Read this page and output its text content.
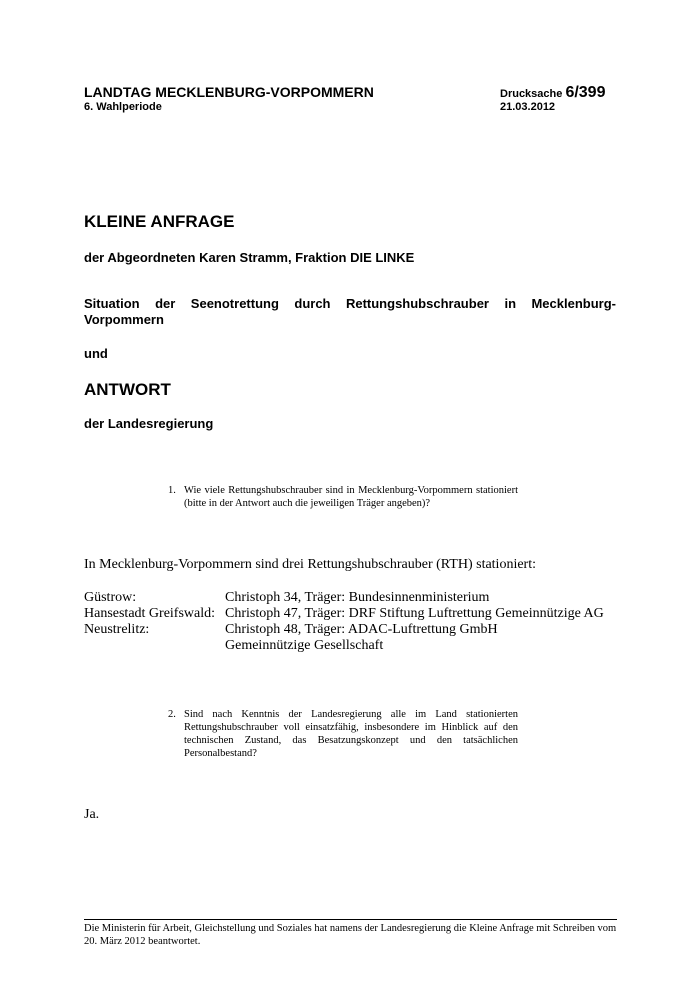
LANDTAG MECKLENBURG-VORPOMMERN
6. Wahlperiode
Drucksache 6/399
21.03.2012
KLEINE ANFRAGE
der Abgeordneten Karen Stramm, Fraktion DIE LINKE
Situation der Seenotrettung durch Rettungshubschrauber in Mecklenburg-Vorpommern
und
ANTWORT
der Landesregierung
1. Wie viele Rettungshubschrauber sind in Mecklenburg-Vorpommern stationiert (bitte in der Antwort auch die jeweiligen Träger angeben)?
In Mecklenburg-Vorpommern sind drei Rettungshubschrauber (RTH) stationiert:
Güstrow:	Christoph 34, Träger: Bundesinnenministerium
Hansestadt Greifswald: Christoph 47, Träger: DRF Stiftung Luftrettung Gemeinnützige AG
Neustrelitz:	Christoph 48, Träger: ADAC-Luftrettung GmbH Gemeinnützige Gesellschaft
2. Sind nach Kenntnis der Landesregierung alle im Land stationierten Rettungshubschrauber voll einsatzfähig, insbesondere im Hinblick auf den technischen Zustand, das Besatzungskonzept und den tatsächlichen Personalbestand?
Ja.
Die Ministerin für Arbeit, Gleichstellung und Soziales hat namens der Landesregierung die Kleine Anfrage mit Schreiben vom 20. März 2012 beantwortet.
